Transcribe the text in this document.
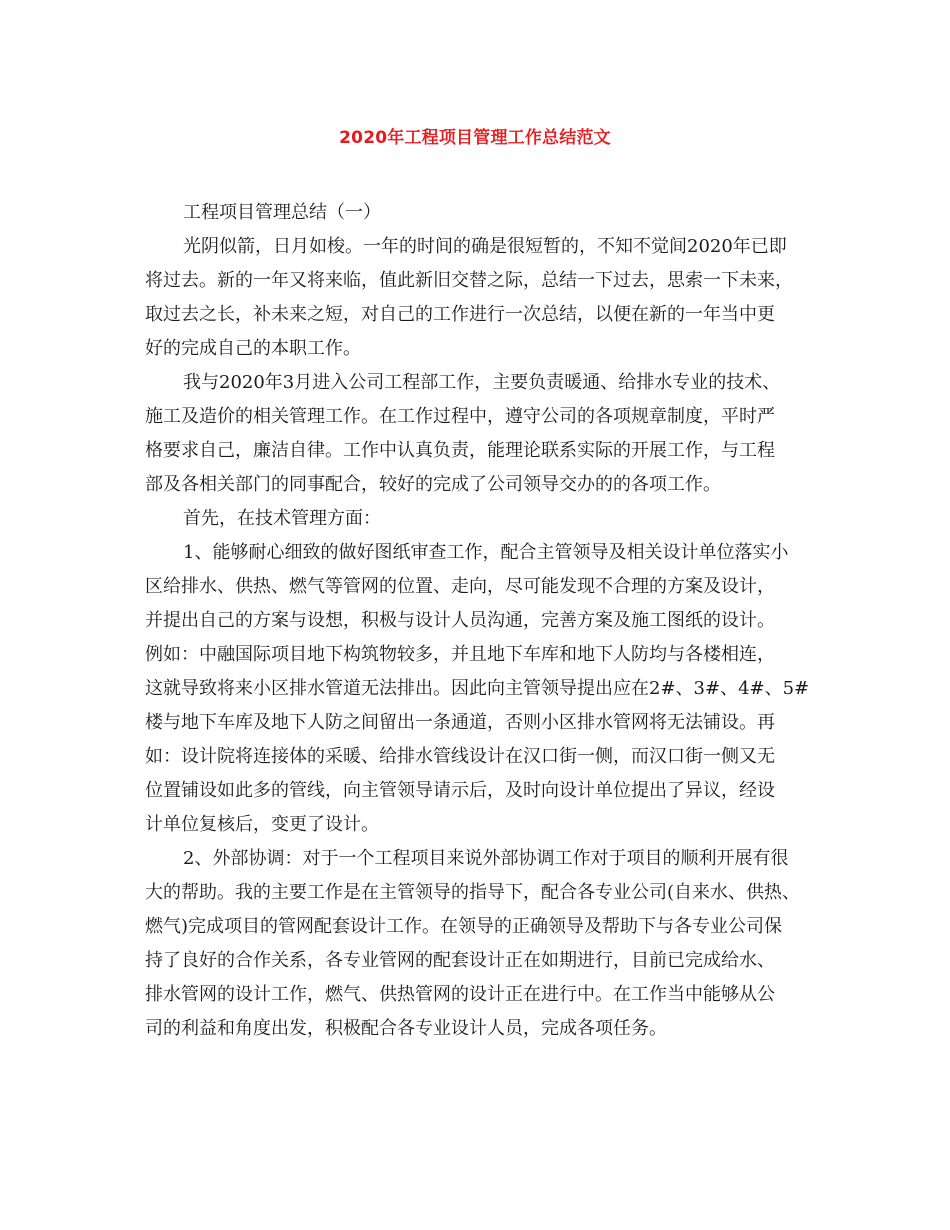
2020年工程项目管理工作总结范文
工程项目管理总结（一）
光阴似箭，日月如梭。一年的时间的确是很短暂的，不知不觉间2020年已即
将过去。新的一年又将来临，值此新旧交替之际，总结一下过去，思索一下未来，
取过去之长，补未来之短，对自己的工作进行一次总结，以便在新的一年当中更
好的完成自己的本职工作。
我与2020年3月进入公司工程部工作，主要负责暖通、给排水专业的技术、
施工及造价的相关管理工作。在工作过程中，遵守公司的各项规章制度，平时严
格要求自己，廉洁自律。工作中认真负责，能理论联系实际的开展工作，与工程
部及各相关部门的同事配合，较好的完成了公司领导交办的的各项工作。
首先，在技术管理方面：
1、能够耐心细致的做好图纸审查工作，配合主管领导及相关设计单位落实小
区给排水、供热、燃气等管网的位置、走向，尽可能发现不合理的方案及设计，
并提出自己的方案与设想，积极与设计人员沟通，完善方案及施工图纸的设计。
例如：中融国际项目地下构筑物较多，并且地下车库和地下人防均与各楼相连，
这就导致将来小区排水管道无法排出。因此向主管领导提出应在2#、3#、4#、5#
楼与地下车库及地下人防之间留出一条通道，否则小区排水管网将无法铺设。再
如：设计院将连接体的采暖、给排水管线设计在汉口街一侧，而汉口街一侧又无
位置铺设如此多的管线，向主管领导请示后，及时向设计单位提出了异议，经设
计单位复核后，变更了设计。
2、外部协调：对于一个工程项目来说外部协调工作对于项目的顺利开展有很
大的帮助。我的主要工作是在主管领导的指导下，配合各专业公司(自来水、供热、
燃气)完成项目的管网配套设计工作。在领导的正确领导及帮助下与各专业公司保
持了良好的合作关系，各专业管网的配套设计正在如期进行，目前已完成给水、
排水管网的设计工作，燃气、供热管网的设计正在进行中。在工作当中能够从公
司的利益和角度出发，积极配合各专业设计人员，完成各项任务。
